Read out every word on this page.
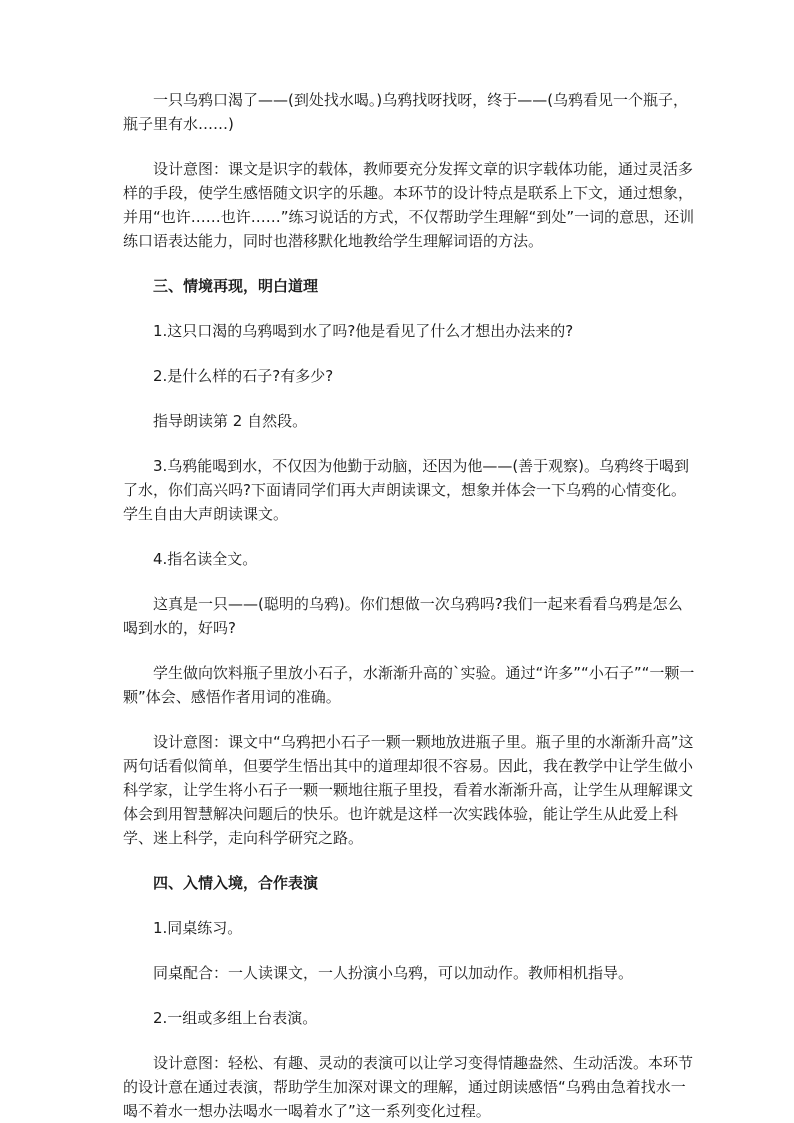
一只乌鸦口渴了——(到处找水喝。)乌鸦找呀找呀，终于——(乌鸦看见一个瓶子，瓶子里有水……)

设计意图：课文是识字的载体，教师要充分发挥文章的识字载体功能，通过灵活多样的手段，使学生感悟随文识字的乐趣。本环节的设计特点是联系上下文，通过想象，并用“也许……也许……”练习说话的方式，不仅帮助学生理解“到处”一词的意思，还训练口语表达能力，同时也潜移默化地教给学生理解词语的方法。

三、情境再现，明白道理

1.这只口渴的乌鸦喝到水了吗?他是看见了什么才想出办法来的?

2.是什么样的石子?有多少?

指导朗读第 2 自然段。

3.乌鸦能喝到水，不仅因为他勤于动脑，还因为他——(善于观察)。乌鸦终于喝到了水，你们高兴吗?下面请同学们再大声朗读课文，想象并体会一下乌鸦的心情变化。学生自由大声朗读课文。

4.指名读全文。

这真是一只——(聪明的乌鸦)。你们想做一次乌鸦吗?我们一起来看看乌鸦是怎么喝到水的，好吗?

学生做向饮料瓶子里放小石子，水渐渐升高的`实验。通过“许多”“小石子”“一颗一颗”体会、感悟作者用词的准确。

设计意图：课文中“乌鸦把小石子一颗一颗地放进瓶子里。瓶子里的水渐渐升高”这两句话看似简单，但要学生悟出其中的道理却很不容易。因此，我在教学中让学生做小科学家，让学生将小石子一颗一颗地往瓶子里投，看着水渐渐升高，让学生从理解课文体会到用智慧解决问题后的快乐。也许就是这样一次实践体验，能让学生从此爱上科学、迷上科学，走向科学研究之路。

四、入情入境，合作表演

1.同桌练习。

同桌配合：一人读课文，一人扮演小乌鸦，可以加动作。教师相机指导。

2.一组或多组上台表演。

设计意图：轻松、有趣、灵动的表演可以让学习变得情趣盎然、生动活泼。本环节的设计意在通过表演，帮助学生加深对课文的理解，通过朗读感悟“乌鸦由急着找水一喝不着水一想办法喝水一喝着水了”这一系列变化过程。
